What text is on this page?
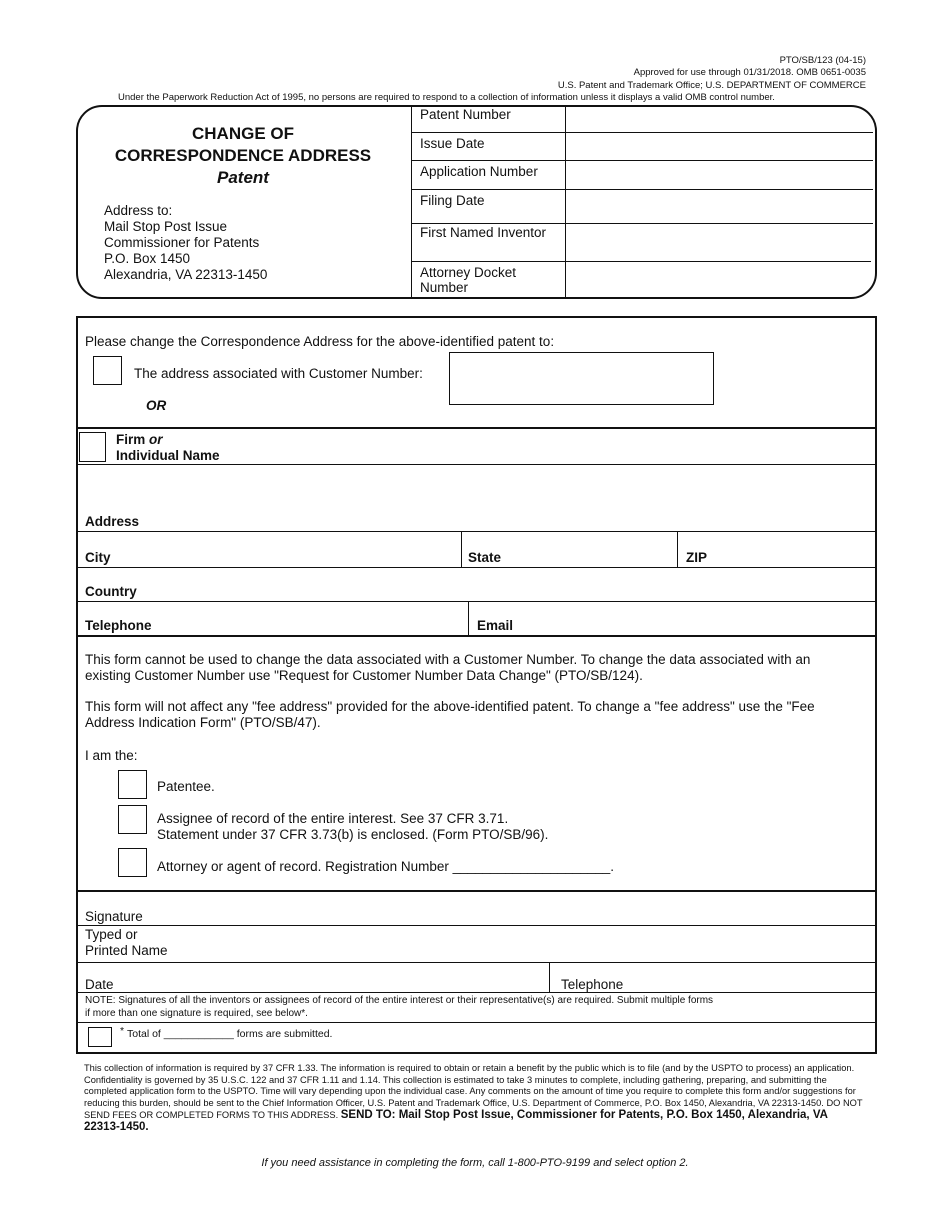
PTO/SB/123 (04-15)
Approved for use through 01/31/2018. OMB 0651-0035
U.S. Patent and Trademark Office; U.S. DEPARTMENT OF COMMERCE
Under the Paperwork Reduction Act of 1995, no persons are required to respond to a collection of information unless it displays a valid OMB control number.
CHANGE OF
CORRESPONDENCE ADDRESS
Patent
Address to:
Mail Stop Post Issue
Commissioner for Patents
P.O. Box 1450
Alexandria, VA 22313-1450
Patent Number
Issue Date
Application Number
Filing Date
First Named Inventor
Attorney Docket
Number
Please change the Correspondence Address for the above-identified patent to:
The address associated with Customer Number:
OR
Firm or
Individual Name
Address
City	State	ZIP
Country
Telephone	Email
This form cannot be used to change the data associated with a Customer Number. To change the data associated with an
existing Customer Number use "Request for Customer Number Data Change" (PTO/SB/124).
This form will not affect any "fee address" provided for the above-identified patent. To change a "fee address" use the "Fee
Address Indication Form" (PTO/SB/47).
I am the:
Patentee.
Assignee of record of the entire interest. See 37 CFR 3.71.
Statement under 37 CFR 3.73(b) is enclosed. (Form PTO/SB/96).
Attorney or agent of record. Registration Number _____________________.
Signature
Typed or
Printed Name
Date	Telephone
NOTE: Signatures of all the inventors or assignees of record of the entire interest or their representative(s) are required. Submit multiple forms
if more than one signature is required, see below*.
* Total of ____________ forms are submitted.
This collection of information is required by 37 CFR 1.33. The information is required to obtain or retain a benefit by the public which is to file (and by the USPTO to process) an application. Confidentiality is governed by 35 U.S.C. 122 and 37 CFR 1.11 and 1.14. This collection is estimated to take 3 minutes to complete, including gathering, preparing, and submitting the completed application form to the USPTO. Time will vary depending upon the individual case. Any comments on the amount of time you require to complete this form and/or suggestions for reducing this burden, should be sent to the Chief Information Officer, U.S. Patent and Trademark Office, U.S. Department of Commerce, P.O. Box 1450, Alexandria, VA 22313-1450. DO NOT SEND FEES OR COMPLETED FORMS TO THIS ADDRESS. SEND TO: Mail Stop Post Issue, Commissioner for Patents, P.O. Box 1450, Alexandria, VA 22313-1450.
If you need assistance in completing the form, call 1-800-PTO-9199 and select option 2.
